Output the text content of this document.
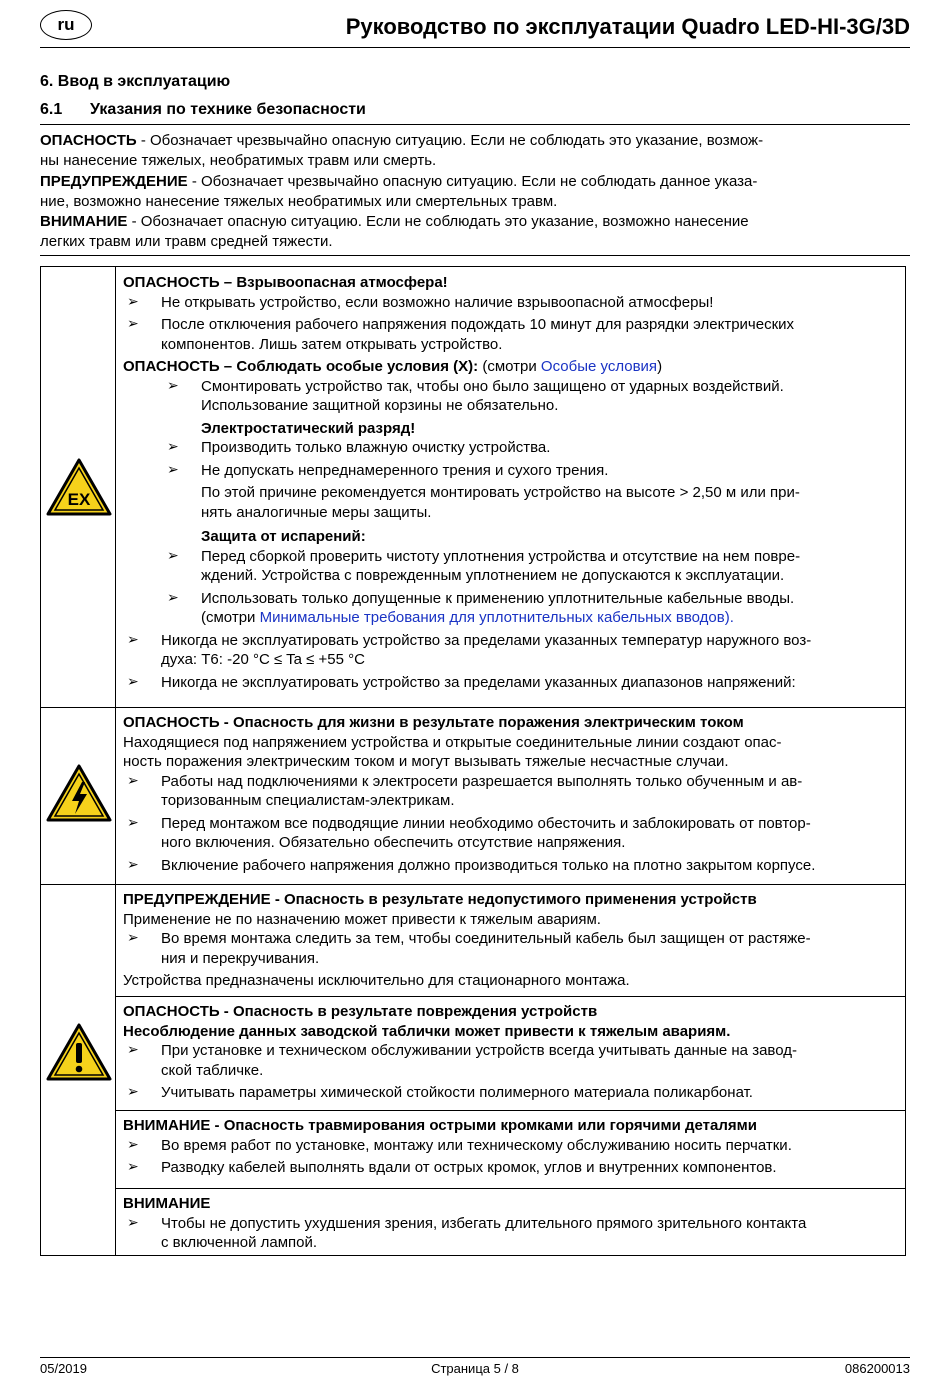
ru	Руководство по эксплуатации Quadro LED-HI-3G/3D
6. Ввод в эксплуатацию
6.1 Указания по технике безопасности
ОПАСНОСТЬ - Обозначает чрезвычайно опасную ситуацию. Если не соблюдать это указание, возмож-
ны нанесение тяжелых, необратимых травм или смерть.
ПРЕДУПРЕЖДЕНИЕ - Обозначает чрезвычайно опасную ситуацию. Если не соблюдать данное указа-
ние, возможно нанесение тяжелых необратимых или смертельных травм.
ВНИМАНИЕ - Обозначает опасную ситуацию. Если не соблюдать это указание, возможно нанесение
легких травм или травм средней тяжести.
EX

ОПАСНОСТЬ – Взрывоопасная атмосфера!

➢ Не открывать устройство, если возможно наличие взрывоопасной атмосферы!

➢ После отключения рабочего напряжения подождать 10 минут для разрядки электрических
компонентов. Лишь затем открывать устройство.

ОПАСНОСТЬ – Соблюдать особые условия (X): (смотри Особые условия)

➢ Смонтировать устройство так, чтобы оно было защищено от ударных воздействий.
Использование защитной корзины не обязательно.

Электростатический разряд!

➢ Производить только влажную очистку устройства.

➢ Не допускать непреднамеренного трения и сухого трения.

По этой причине рекомендуется монтировать устройство на высоте > 2,50 м или при-
нять аналогичные меры защиты.

Защита от испарений:

➢ Перед сборкой проверить чистоту уплотнения устройства и отсутствие на нем повре-
ждений. Устройства с поврежденным уплотнением не допускаются к эксплуатации.

➢ Использовать только допущенные к применению уплотнительные кабельные вводы.
(смотри Минимальные требования для уплотнительных кабельных вводов).

➢ Никогда не эксплуатировать устройство за пределами указанных температур наружного воз-
духа: T6: -20 °C ≤ Ta ≤ +55 °C

➢ Никогда не эксплуатировать устройство за пределами указанных диапазонов напряжений:

ОПАСНОСТЬ - Опасность для жизни в результате поражения электрическим током

Находящиеся под напряжением устройства и открытые соединительные линии создают опас-
ность поражения электрическим током и могут вызывать тяжелые несчастные случаи.

➢ Работы над подключениями к электросети разрешается выполнять только обученным и ав-
торизованным специалистам-электрикам.

➢ Перед монтажом все подводящие линии необходимо обесточить и заблокировать от повтор-
ного включения. Обязательно обеспечить отсутствие напряжения.

➢ Включение рабочего напряжения должно производиться только на плотно закрытом корпусе.

ПРЕДУПРЕЖДЕНИЕ - Опасность в результате недопустимого применения устройств

Применение не по назначению может привести к тяжелым авариям.

➢ Во время монтажа следить за тем, чтобы соединительный кабель был защищен от растяже-
ния и перекручивания.

Устройства предназначены исключительно для стационарного монтажа.

ОПАСНОСТЬ - Опасность в результате повреждения устройств

Несоблюдение данных заводской таблички может привести к тяжелым авариям.

➢ При установке и техническом обслуживании устройств всегда учитывать данные на завод-
ской табличке.

➢ Учитывать параметры химической стойкости полимерного материала поликарбонат.

ВНИМАНИЕ - Опасность травмирования острыми кромками или горячими деталями

➢ Во время работ по установке, монтажу или техническому обслуживанию носить перчатки.

➢ Разводку кабелей выполнять вдали от острых кромок, углов и внутренних компонентов.

ВНИМАНИЕ

➢ Чтобы не допустить ухудшения зрения, избегать длительного прямого зрительного контакта
с включенной лампой.

05/2019	Страница 5 / 8	086200013
